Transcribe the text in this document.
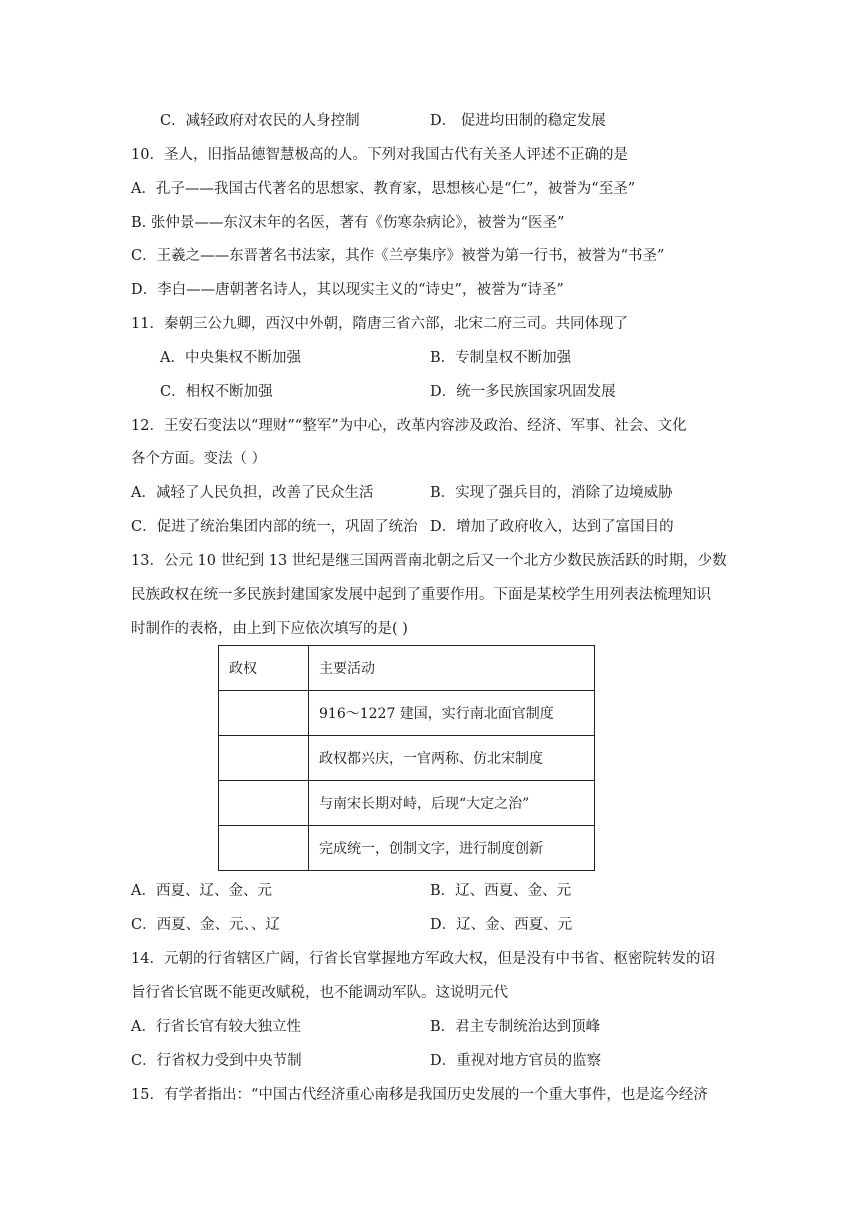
C．减轻政府对农民的人身控制	D． 促进均田制的稳定发展
10．圣人，旧指品德智慧极高的人。下列对我国古代有关圣人评述不正确的是
A．孔子——我国古代著名的思想家、教育家，思想核心是“仁”，被誉为“至圣”
B. 张仲景——东汉末年的名医，著有《伤寒杂病论》，被誉为“医圣”
C．王羲之——东晋著名书法家，其作《兰亭集序》被誉为第一行书，被誉为“书圣”
D．李白——唐朝著名诗人，其以现实主义的“诗史”，被誉为“诗圣”
11．秦朝三公九卿，西汉中外朝，隋唐三省六部，北宋二府三司。共同体现了
A．中央集权不断加强	B．专制皇权不断加强
C．相权不断加强	D．统一多民族国家巩固发展
12．王安石变法以“理财”“整军”为中心，改革内容涉及政治、经济、军事、社会、文化
各个方面。变法（ ）
A．减轻了人民负担，改善了民众生活	B．实现了强兵目的，消除了边境威胁
C．促进了统治集团内部的统一，巩固了统治 D．增加了政府收入，达到了富国目的
13．公元 10 世纪到 13 世纪是继三国两晋南北朝之后又一个北方少数民族活跃的时期，少数
民族政权在统一多民族封建国家发展中起到了重要作用。下面是某校学生用列表法梳理知识
时制作的表格，由上到下应依次填写的是( )
政权	主要活动
	916～1227 建国，实行南北面官制度
	政权都兴庆，一官两称、仿北宋制度
	与南宋长期对峙，后现“大定之治”
	完成统一，创制文字，进行制度创新
A．西夏、辽、金、元	B．辽、西夏、金、元
C．西夏、金、元、、辽	D．辽、金、西夏、元
14．元朝的行省辖区广阔，行省长官掌握地方军政大权，但是没有中书省、枢密院转发的诏
旨行省长官既不能更改赋税，也不能调动军队。这说明元代
A．行省长官有较大独立性	B．君主专制统治达到顶峰
C．行省权力受到中央节制	D．重视对地方官员的监察
15．有学者指出：“中国古代经济重心南移是我国历史发展的一个重大事件，也是迄今经济
